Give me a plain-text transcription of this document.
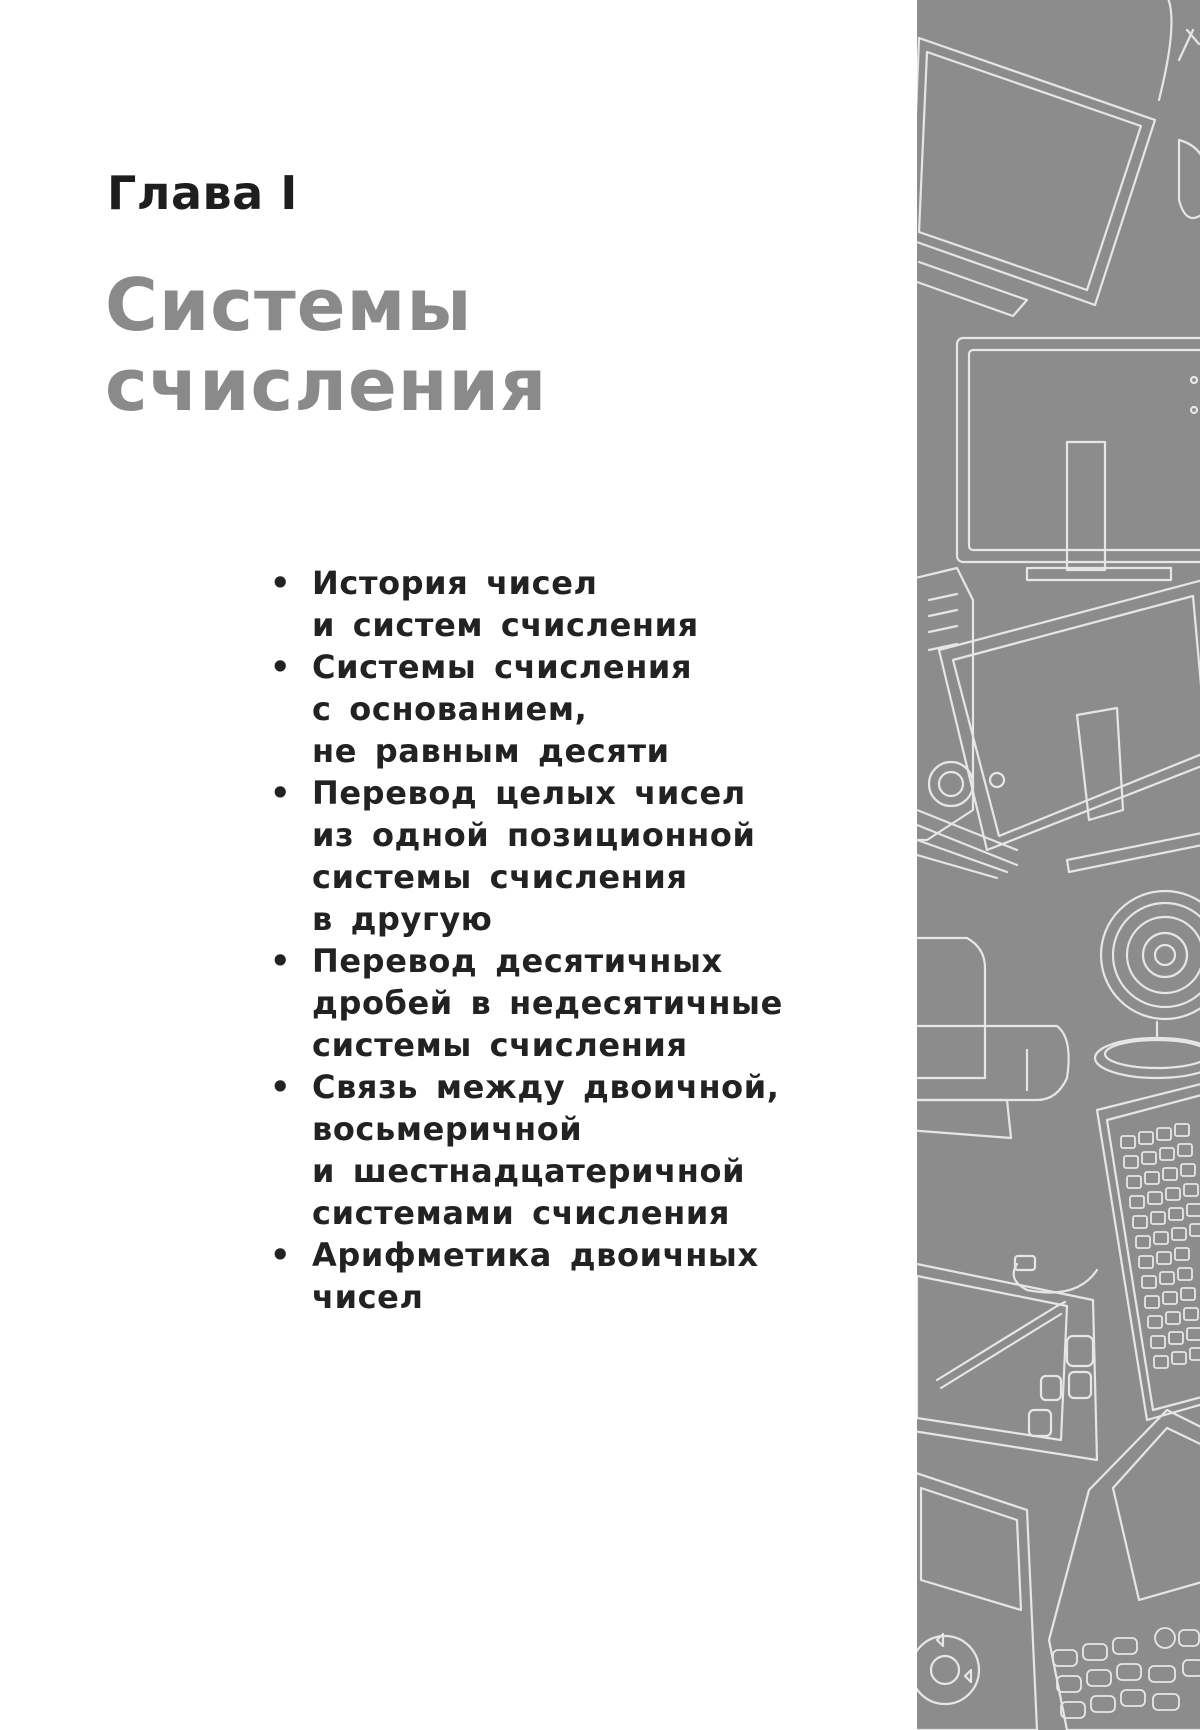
Глава I
Системы
счисления
• История чисел
и систем счисления
• Системы счисления
с основанием,
не равным десяти
• Перевод целых чисел
из одной позиционной
системы счисления
в другую
• Перевод десятичных
дробей в недесятичные
системы счисления
• Связь между двоичной,
восьмеричной
и шестнадцатеричной
системами счисления
• Арифметика двоичных
чисел
